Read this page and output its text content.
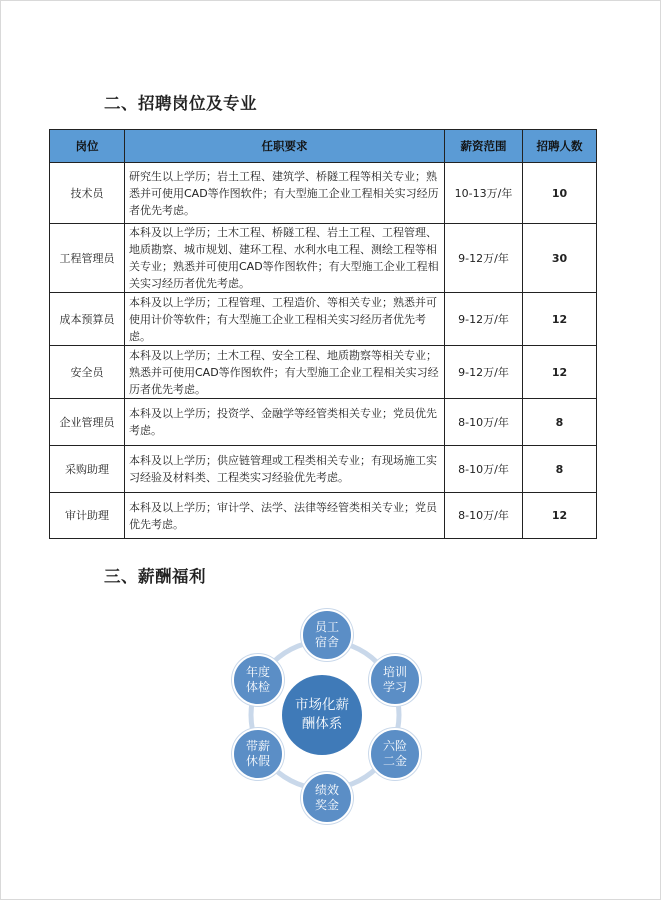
二、招聘岗位及专业
岗位	任职要求	薪资范围	招聘人数
技术员	研究生以上学历；岩土工程、建筑学、桥隧工程等相关专业；熟悉并可使用CAD等作图软件；有大型施工企业工程相关实习经历者优先考虑。	10-13万/年	10
工程管理员	本科及以上学历；土木工程、桥隧工程、岩土工程、工程管理、地质勘察、城市规划、建环工程、水利水电工程、测绘工程等相关专业；熟悉并可使用CAD等作图软件；有大型施工企业工程相关实习经历者优先考虑。	9-12万/年	30
成本预算员	本科及以上学历；工程管理、工程造价、等相关专业；熟悉并可使用计价等软件；有大型施工企业工程相关实习经历者优先考虑。	9-12万/年	12
安全员	本科及以上学历；土木工程、安全工程、地质勘察等相关专业；熟悉并可使用CAD等作图软件；有大型施工企业工程相关实习经历者优先考虑。	9-12万/年	12
企业管理员	本科及以上学历；投资学、金融学等经管类相关专业；党员优先考虑。	8-10万/年	8
采购助理	本科及以上学历；供应链管理或工程类相关专业；有现场施工实习经验及材料类、工程类实习经验优先考虑。	8-10万/年	8
审计助理	本科及以上学历；审计学、法学、法律等经管类相关专业；党员优先考虑。	8-10万/年	12
三、薪酬福利
员工宿舍
培训学习
六险二金
绩效奖金
带薪休假
年度体检
市场化薪酬体系
